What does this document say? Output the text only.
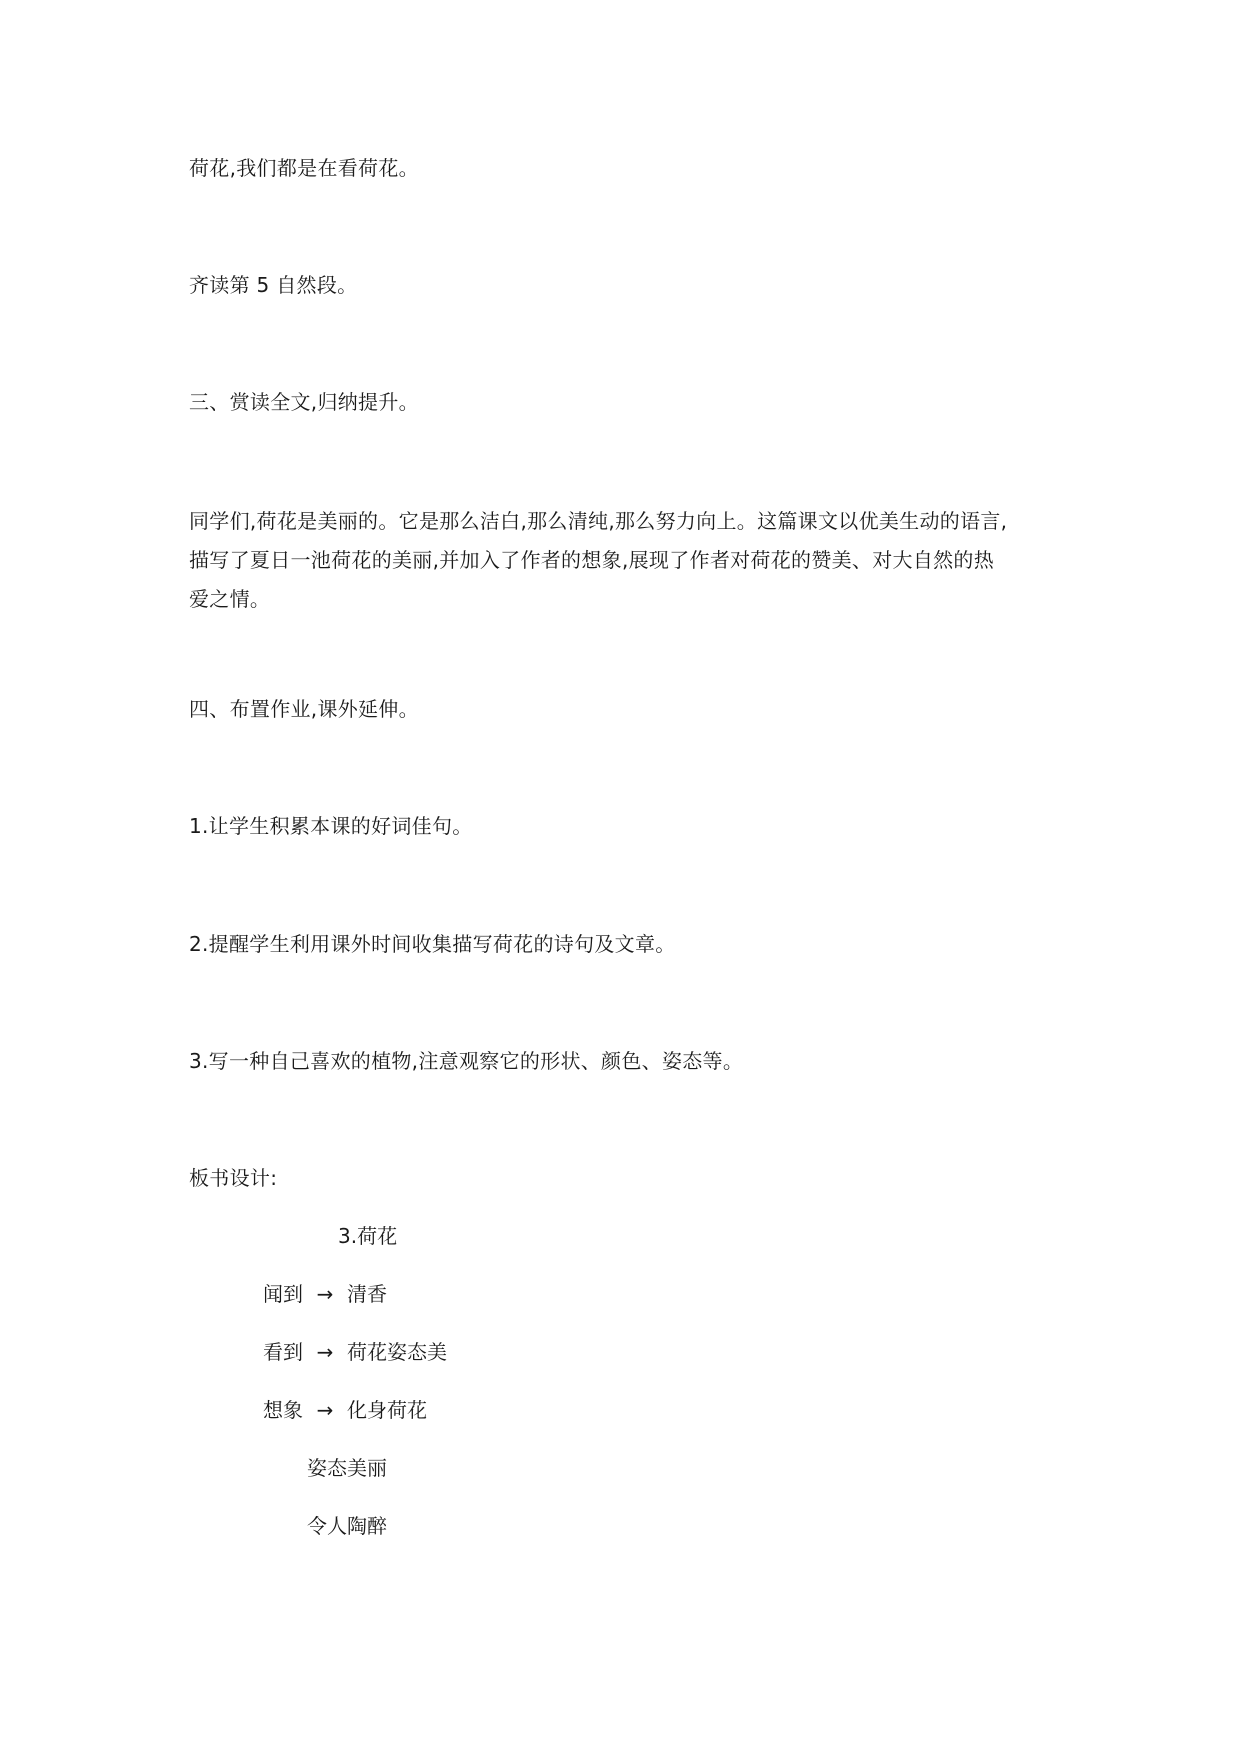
荷花,我们都是在看荷花。
齐读第 5 自然段。
三、赏读全文,归纳提升。
同学们,荷花是美丽的。它是那么洁白,那么清纯,那么努力向上。这篇课文以优美生动的语言,
描写了夏日一池荷花的美丽,并加入了作者的想象,展现了作者对荷花的赞美、对大自然的热
爱之情。
四、布置作业,课外延伸。
1.让学生积累本课的好词佳句。
2.提醒学生利用课外时间收集描写荷花的诗句及文章。
3.写一种自己喜欢的植物,注意观察它的形状、颜色、姿态等。
板书设计:
3.荷花
闻到 → 清香
看到 → 荷花姿态美
想象 → 化身荷花
姿态美丽
令人陶醉
